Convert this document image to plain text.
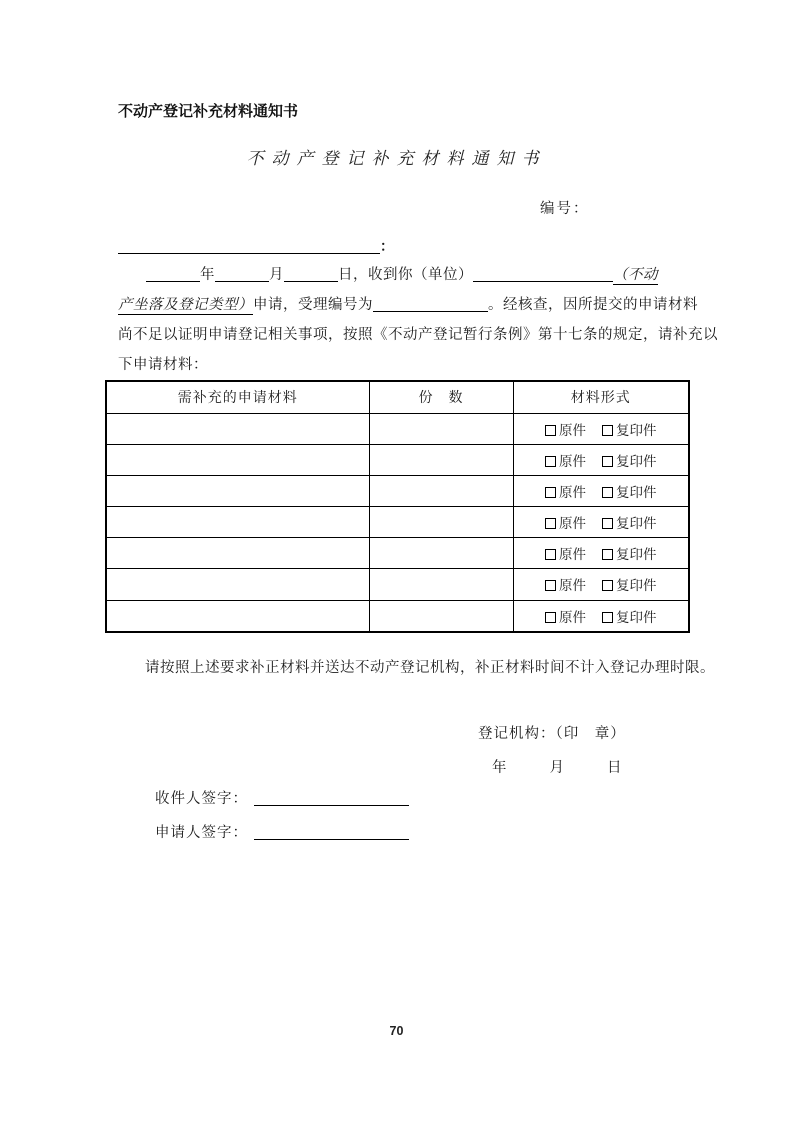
不动产登记补充材料通知书
不动产登记补充材料通知书
编号：
：
年	月	日，收到你（单位）	（不动
产坐落及登记类型）申请，受理编号为	。经核查，因所提交的申请材料
尚不足以证明申请登记相关事项，按照《不动产登记暂行条例》第十七条的规定，请补充以
下申请材料：
需补充的申请材料	份　数	材料形式
		原件 复印件
		原件 复印件
		原件 复印件
		原件 复印件
		原件 复印件
		原件 复印件
		原件 复印件
请按照上述要求补正材料并送达不动产登记机构，补正材料时间不计入登记办理时限。
登记机构：（印　章）
年	月	日
收件人签字：
申请人签字：
70
